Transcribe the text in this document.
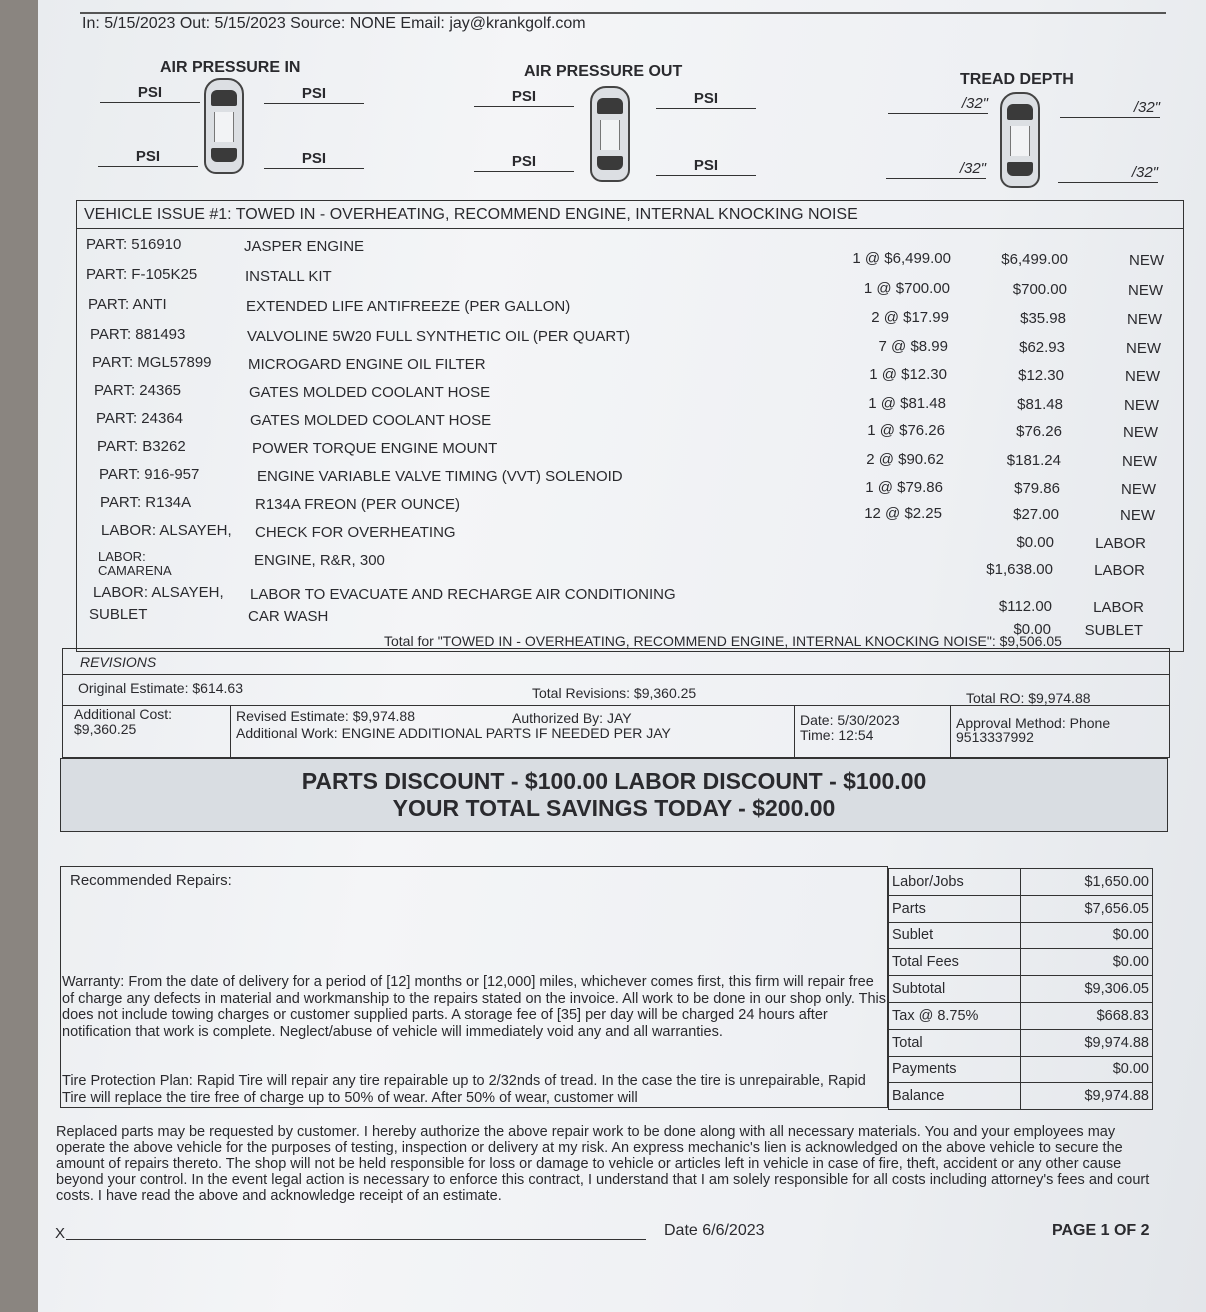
In: 5/15/2023 Out: 5/15/2023 Source: NONE Email: jay@krankgolf.com
AIR PRESSURE IN
PSI	PSI
PSI	PSI
AIR PRESSURE OUT
PSI	PSI
PSI	PSI
TREAD DEPTH
/32"	/32"
/32"	/32"
VEHICLE ISSUE #1: TOWED IN - OVERHEATING, RECOMMEND ENGINE, INTERNAL KNOCKING NOISE
PART: 516910	JASPER ENGINE
1 @ $6,499.00	$6,499.00	NEW
PART: F-105K25	INSTALL KIT
1 @ $700.00	$700.00	NEW
PART: ANTI	EXTENDED LIFE ANTIFREEZE (PER GALLON)
2 @ $17.99	$35.98	NEW
PART: 881493	VALVOLINE 5W20 FULL SYNTHETIC OIL (PER QUART)
7 @ $8.99	$62.93	NEW
PART: MGL57899 MICROGARD ENGINE OIL FILTER
1 @ $12.30	$12.30	NEW
PART: 24365	GATES MOLDED COOLANT HOSE
1 @ $81.48	$81.48	NEW
PART: 24364	GATES MOLDED COOLANT HOSE
1 @ $76.26	$76.26	NEW
PART: B3262	POWER TORQUE ENGINE MOUNT
2 @ $90.62	$181.24	NEW
PART: 916-957	ENGINE VARIABLE VALVE TIMING (VVT) SOLENOID
1 @ $79.86	$79.86	NEW
PART: R134A	R134A FREON (PER OUNCE)
12 @ $2.25	$27.00	NEW
LABOR: ALSAYEH, CHECK FOR OVERHEATING
$0.00	LABOR
LABOR: CAMARENA
ENGINE, R&R, 300
$1,638.00	LABOR
LABOR: ALSAYEH, LABOR TO EVACUATE AND RECHARGE AIR CONDITIONING
$112.00	LABOR
SUBLET	CAR WASH
$0.00 SUBLET
Total for "TOWED IN - OVERHEATING, RECOMMEND ENGINE, INTERNAL KNOCKING NOISE": $9,506.05
REVISIONS
Original Estimate: $614.63	Total Revisions: $9,360.25	Total RO: $9,974.88
Additional Cost:
$9,360.25
Revised Estimate: $9,974.88	Authorized By: JAY
Additional Work: ENGINE ADDITIONAL PARTS IF NEEDED PER JAY
Date: 5/30/2023
Time: 12:54
Approval Method: Phone
9513337992
PARTS DISCOUNT - $100.00 LABOR DISCOUNT - $100.00
YOUR TOTAL SAVINGS TODAY - $200.00
Recommended Repairs:
Warranty: From the date of delivery for a period of [12] months or [12,000] miles, whichever comes first, this firm will repair free of charge any defects in material and workmanship to the repairs stated on the invoice. All work to be done in our shop only. This does not include towing charges or customer supplied parts. A storage fee of [35] per day will be charged 24 hours after notification that work is complete. Neglect/abuse of vehicle will immediately void any and all warranties.
Tire Protection Plan: Rapid Tire will repair any tire repairable up to 2/32nds of tread. In the case the tire is unrepairable, Rapid Tire will replace the tire free of charge up to 50% of wear. After 50% of wear, customer will
Labor/Jobs	$1,650.00
Parts	$7,656.05
Sublet	$0.00
Total Fees	$0.00
Subtotal	$9,306.05
Tax @ 8.75%	$668.83
Total	$9,974.88
Payments	$0.00
Balance	$9,974.88
Replaced parts may be requested by customer. I hereby authorize the above repair work to be done along with all necessary materials. You and your employees may operate the above vehicle for the purposes of testing, inspection or delivery at my risk. An express mechanic's lien is acknowledged on the above vehicle to secure the amount of repairs thereto. The shop will not be held responsible for loss or damage to vehicle or articles left in vehicle in case of fire, theft, accident or any other cause beyond your control. In the event legal action is necessary to enforce this contract, I understand that I am solely responsible for all costs including attorney's fees and court costs. I have read the above and acknowledge receipt of an estimate.
X	Date 6/6/2023	PAGE 1 OF 2
